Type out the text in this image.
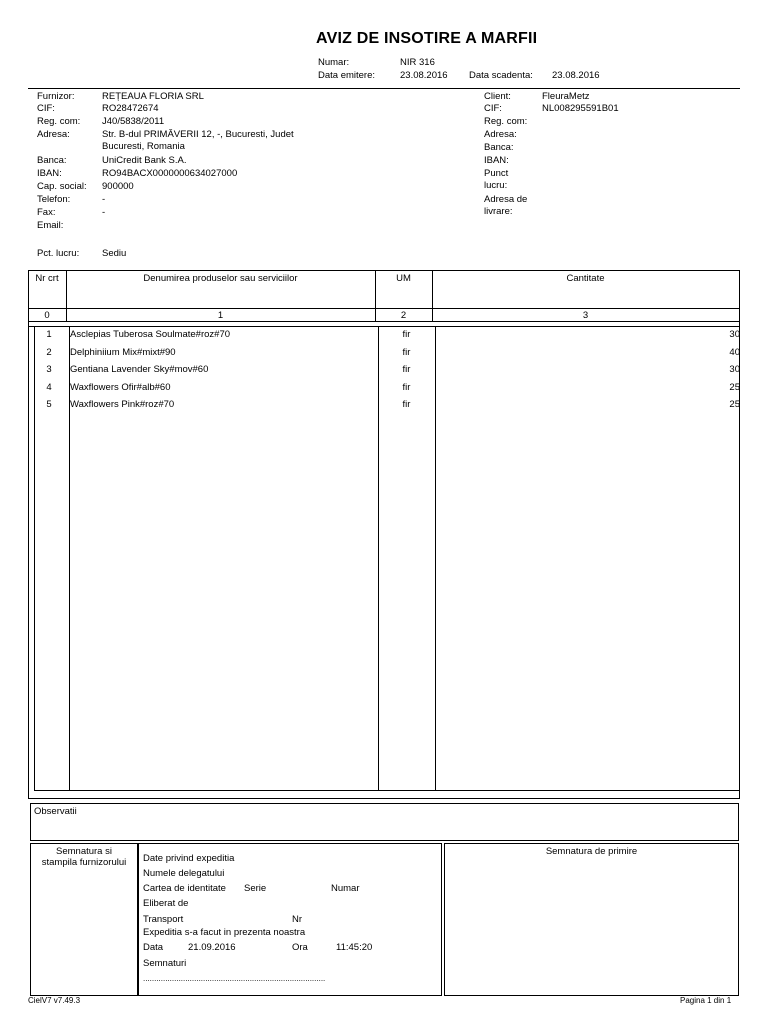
AVIZ DE INSOTIRE A MARFII
Numar:	NIR 316
Data emitere:	23.08.2016 Data scadenta: 23.08.2016
Furnizor:	REȚEAUA FLORIA SRL
CIF:	RO28472674
Reg. com: J40/5838/2011
Adresa:	Str. B-dul PRIMĂVERII 12, -, Bucuresti, Judet
Bucuresti, Romania
Banca:	UniCredit Bank S.A.
IBAN:	RO94BACX0000000634027000
Cap. social: 900000
Telefon:	-
Fax:	-
Email:
Pct. lucru: Sediu
Client:	FleuraMetz
CIF:	NL008295591B01
Reg. com:
Adresa:
Banca:
IBAN:
Punct
lucru:
Adresa de
livrare:
Nr crt	Denumirea produselor sau serviciilor	UM	Cantitate
0	1	2	3
1	Asclepias Tuberosa Soulmate#roz#70	fir	30
2	Delphiniium Mix#mixt#90	fir	40
3	Gentiana Lavender Sky#mov#60	fir	30
4	Waxflowers Ofir#alb#60	fir	25
5	Waxflowers Pink#roz#70	fir	25
Observatii
Semnatura si
stampila furnizorului	Date privind expeditia
Numele delegatului
Cartea de identitate Serie	Numar
Eliberat de
Transport	Nr
Expeditia s-a facut in prezenta noastra
Data	21.09.2016	Ora	11:45:20
Semnaturi
..................................................................................
Semnatura de primire
CielV7 v7.49.3	Pagina 1 din 1
